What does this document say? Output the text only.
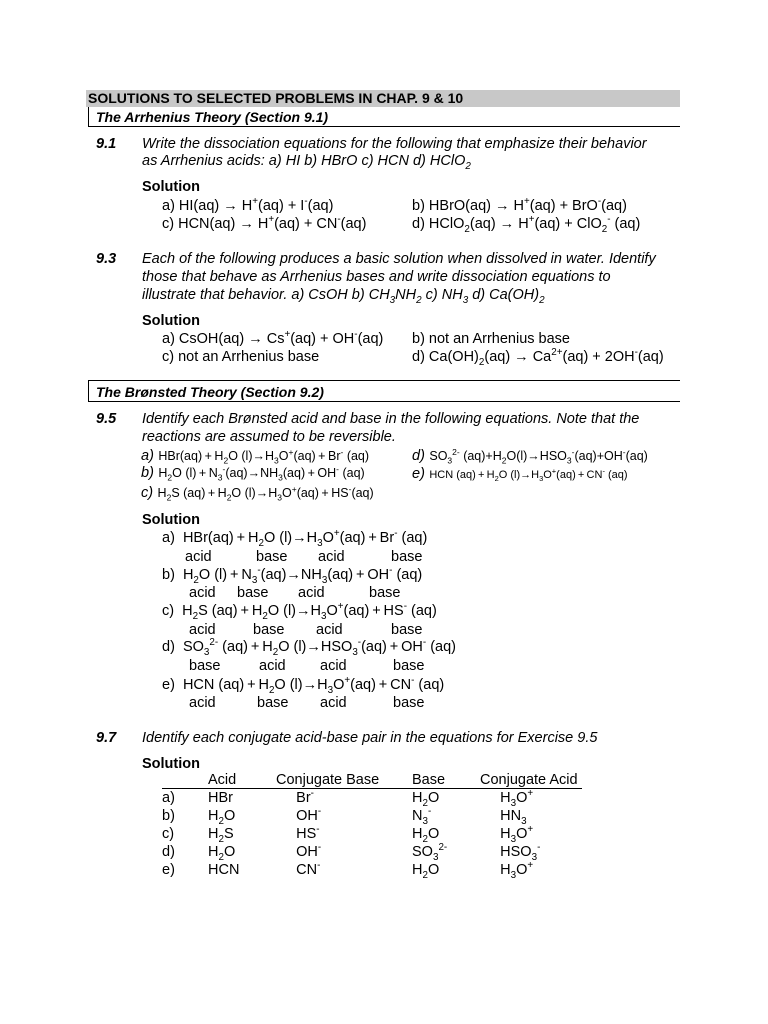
SOLUTIONS TO SELECTED PROBLEMS IN CHAP. 9 & 10
The Arrhenius Theory (Section 9.1)
9.1 Write the dissociation equations for the following that emphasize their behavior
as Arrhenius acids: a) HI b) HBrO c) HCN d) HClO$_2$
Solution
a) HI(aq) → H+(aq) + I-(aq)	b) HBrO(aq) → H+(aq) + BrO-(aq)
c) HCN(aq) → H+(aq) + CN-(aq)	d) HClO$_2$(aq) → H+(aq) + ClO$_2$- (aq)
9.3 Each of the following produces a basic solution when dissolved in water. Identify
those that behave as Arrhenius bases and write dissociation equations to
illustrate that behavior. a) CsOH b) $CH_3NH_2$ c) $NH_3$ d) $Ca(OH)_2$
Solution
a) CsOH(aq) → Cs+(aq) + OH-(aq) b) not an Arrhenius base
c) not an Arrhenius base	d) $Ca(OH)_2(aq) \to Ca^{2+}(aq) + 2OH^-(aq)$
The Brønsted Theory (Section 9.2)
9.5 Identify each Brønsted acid and base in the following equations. Note that the
reactions are assumed to be reversible.
a) $HBr(aq) + H_2O$ $(l)\to H_3O^+(aq) + Br^-$ (aq)
b) $H_2O$ $(l) + N_3^-(aq)\to NH_3(aq) + OH^-$ (aq)
c) $H_2S$ $(aq) + H_2O$ $(l)\to H_3O^+(aq) + HS^-(aq)$
d) $SO_3^{2-}$ $(aq)+H_2O(l)\to HSO_3^-(aq)+OH^-(aq)$
e) HCN $(aq) + H_2O$ $(l)\to H_3O^+(aq) + CN^-$ (aq)
Solution
a)  $HBr(aq) + H_2O$ $(l)\to H_3O^+(aq) + Br^-$ (aq)
acid	base acid	base
b)  $H_2O$ $(l) + N_3^-(aq)\to NH_3(aq) + OH^-$ (aq)
acid base acid	base
c)  $H_2S$ $(aq) + H_2O$ $(l)\to H_3O^+(aq) + HS^-$ (aq)
acid	base acid	base
d)  $SO_3^{2-}$ $(aq) + H_2O$ $(l)\to HSO_3^-(aq) + OH^-$ (aq)
base	acid acid	base
e)  HCN $(aq) + H_2O$ $(l)\to H_3O^+(aq) + CN^-$ (aq)
acid	base acid	base
9.7 Identify each conjugate acid-base pair in the equations for Exercise 9.5
Solution
	Acid	Conjugate Base	Base	Conjugate Acid
a)	HBr	Br-	$H_2O$	$H_3O^+$
b)	$H_2O$	OH-	$N_3^-$	$HN_3$
c)	$H_2S$	HS-	$H_2O$	$H_3O^+$
d)	$H_2O$	OH-	$SO_3^{2-}$	$HSO_3^-$
e)	HCN	CN-	$H_2O$	$H_3O^+$
